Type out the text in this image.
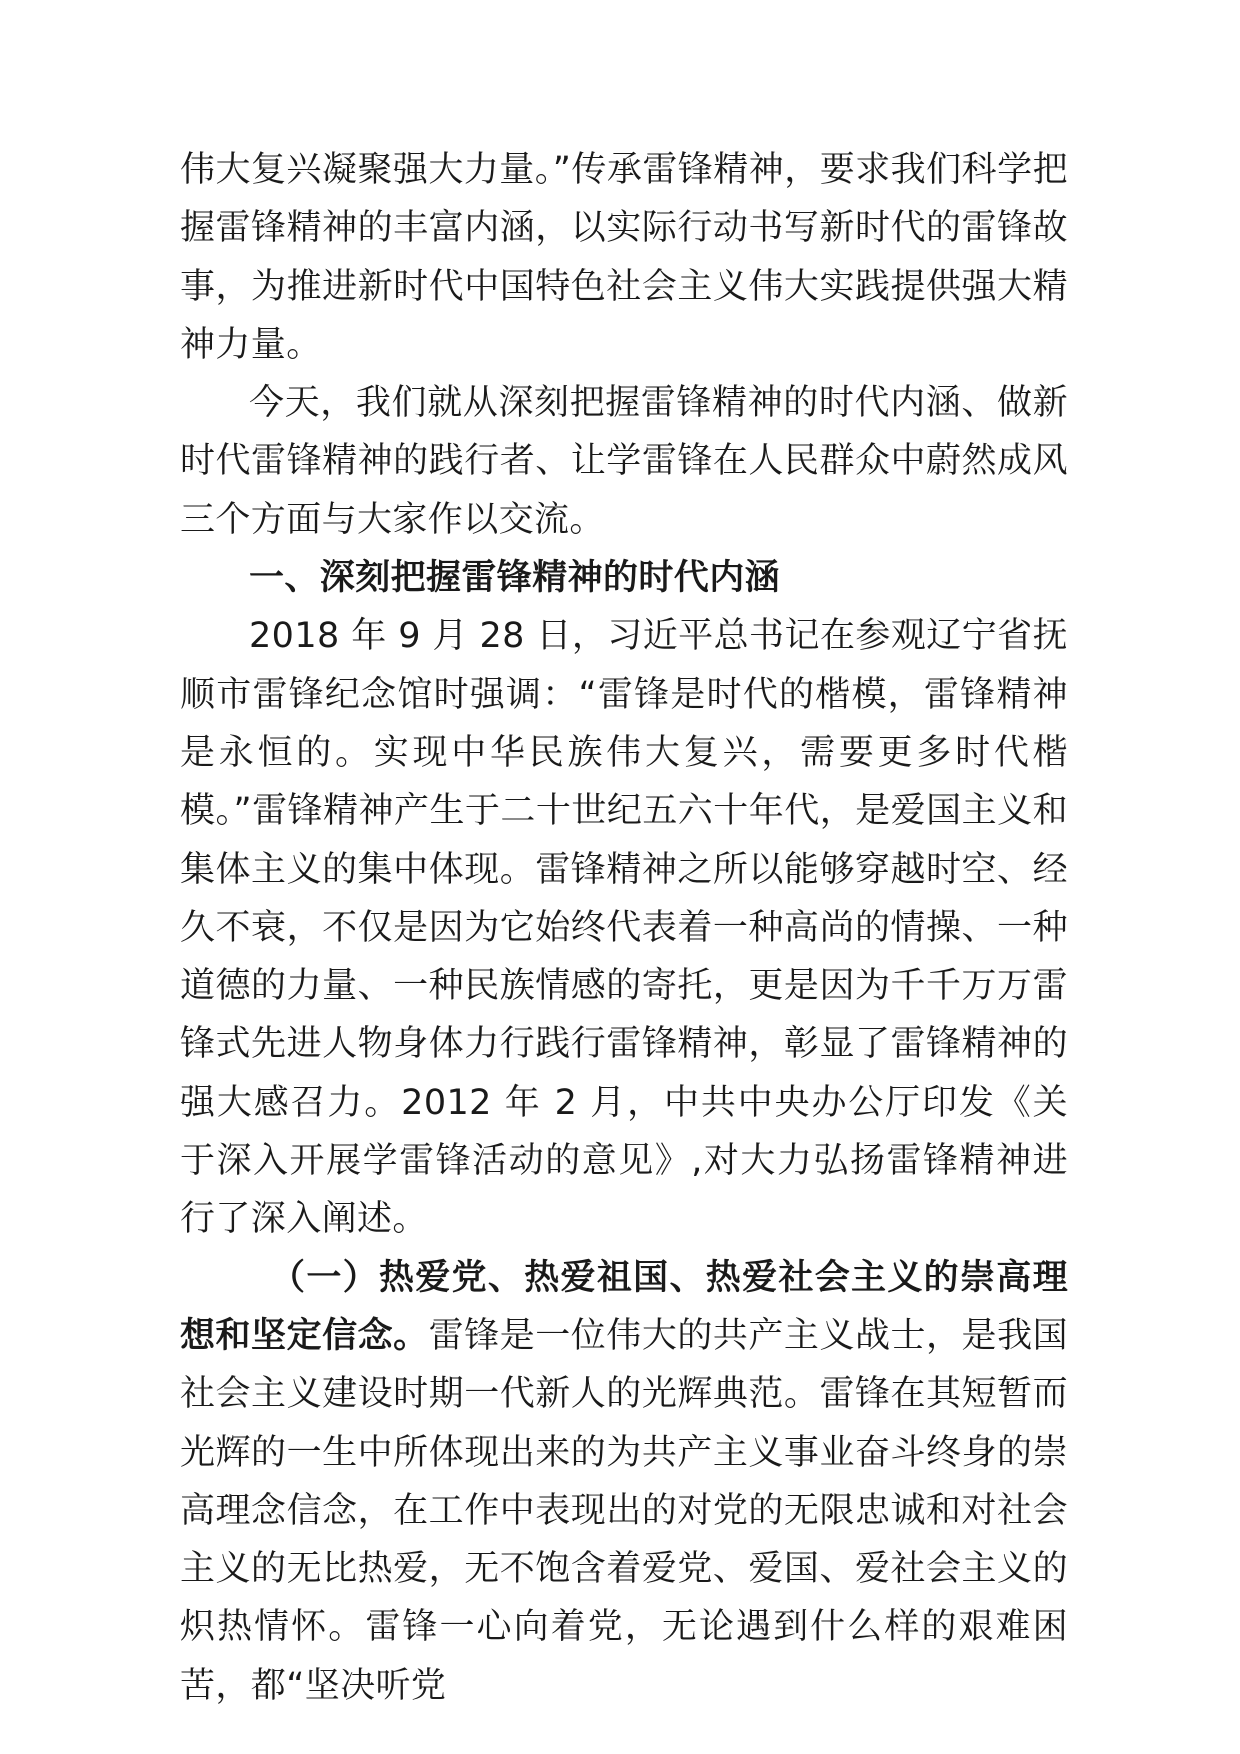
伟大复兴凝聚强大力量。”传承雷锋精神，要求我们科学把握雷锋精神的丰富内涵，以实际行动书写新时代的雷锋故事，为推进新时代中国特色社会主义伟大实践提供强大精神力量。

今天，我们就从深刻把握雷锋精神的时代内涵、做新时代雷锋精神的践行者、让学雷锋在人民群众中蔚然成风三个方面与大家作以交流。

一、深刻把握雷锋精神的时代内涵

2018 年 9 月 28 日，习近平总书记在参观辽宁省抚顺市雷锋纪念馆时强调：“雷锋是时代的楷模，雷锋精神是永恒的。实现中华民族伟大复兴，需要更多时代楷模。”雷锋精神产生于二十世纪五六十年代，是爱国主义和集体主义的集中体现。雷锋精神之所以能够穿越时空、经久不衰，不仅是因为它始终代表着一种高尚的情操、一种道德的力量、一种民族情感的寄托，更是因为千千万万雷锋式先进人物身体力行践行雷锋精神，彰显了雷锋精神的强大感召力。2012 年 2 月，中共中央办公厅印发《关于深入开展学雷锋活动的意见》,对大力弘扬雷锋精神进行了深入阐述。

（一）热爱党、热爱祖国、热爱社会主义的崇高理想和坚定信念。雷锋是一位伟大的共产主义战士，是我国社会主义建设时期一代新人的光辉典范。雷锋在其短暂而光辉的一生中所体现出来的为共产主义事业奋斗终身的崇高理念信念，在工作中表现出的对党的无限忠诚和对社会主义的无比热爱，无不饱含着爱党、爱国、爱社会主义的炽热情怀。雷锋一心向着党，无论遇到什么样的艰难困苦，都“坚决听党
